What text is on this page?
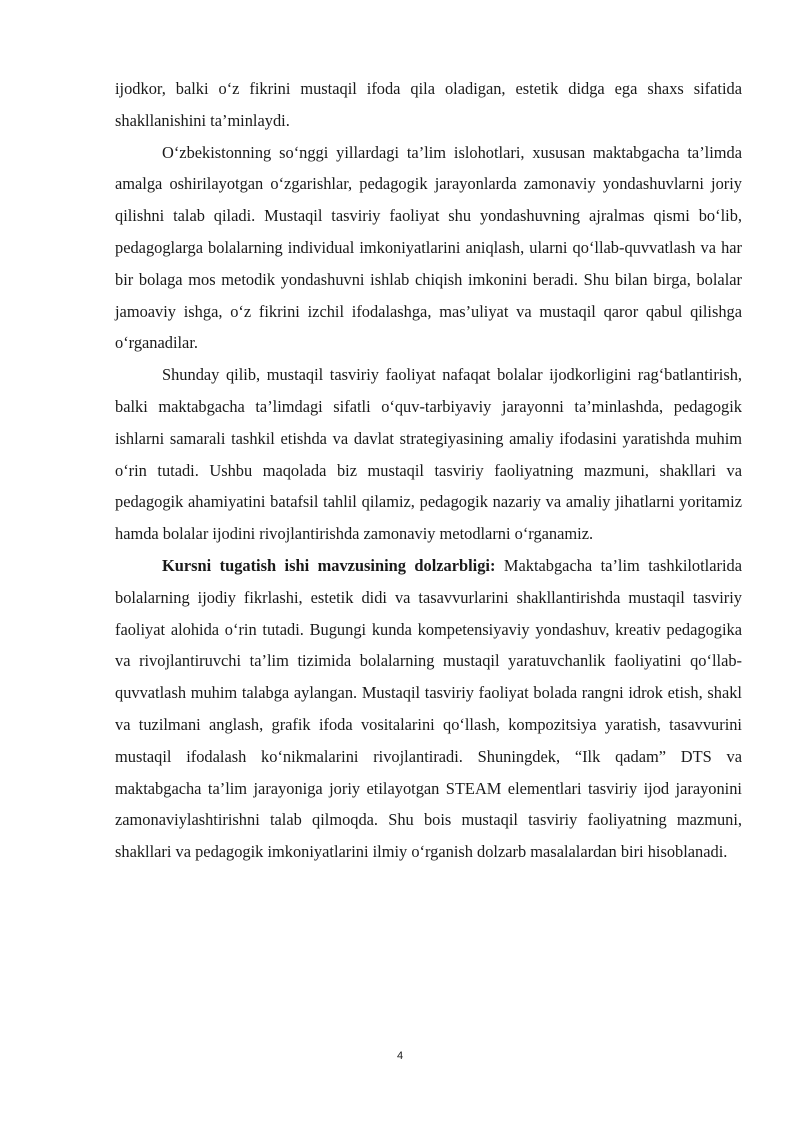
ijodkor, balki o‘z fikrini mustaqil ifoda qila oladigan, estetik didga ega shaxs sifatida shakllanishini ta’minlaydi.

O‘zbekistonning so‘nggi yillardagi ta’lim islohotlari, xususan maktabgacha ta’limda amalga oshirilayotgan o‘zgarishlar, pedagogik jarayonlarda zamonaviy yondashuvlarni joriy qilishni talab qiladi. Mustaqil tasviriy faoliyat shu yondashuvning ajralmas qismi bo‘lib, pedagoglarga bolalarning individual imkoniyatlarini aniqlash, ularni qo‘llab-quvvatlash va har bir bolaga mos metodik yondashuvni ishlab chiqish imkonini beradi. Shu bilan birga, bolalar jamoaviy ishga, o‘z fikrini izchil ifodalashga, mas’uliyat va mustaqil qaror qabul qilishga o‘rganadilar.

Shunday qilib, mustaqil tasviriy faoliyat nafaqat bolalar ijodkorligini rag‘batlantirish, balki maktabgacha ta’limdagi sifatli o‘quv-tarbiyaviy jarayonni ta’minlashda, pedagogik ishlarni samarali tashkil etishda va davlat strategiyasining amaliy ifodasini yaratishda muhim o‘rin tutadi. Ushbu maqolada biz mustaqil tasviriy faoliyatning mazmuni, shakllari va pedagogik ahamiyatini batafsil tahlil qilamiz, pedagogik nazariy va amaliy jihatlarni yoritamiz hamda bolalar ijodini rivojlantirishda zamonaviy metodlarni o‘rganamiz.

Kursni tugatish ishi mavzusining dolzarbligi: Maktabgacha ta’lim tashkilotlarida bolalarning ijodiy fikrlashi, estetik didi va tasavvurlarini shakllantirishda mustaqil tasviriy faoliyat alohida o‘rin tutadi. Bugungi kunda kompetensiyaviy yondashuv, kreativ pedagogika va rivojlantiruvchi ta’lim tizimida bolalarning mustaqil yaratuvchanlik faoliyatini qo‘llab-quvvatlash muhim talabga aylangan. Mustaqil tasviriy faoliyat bolada rangni idrok etish, shakl va tuzilmani anglash, grafik ifoda vositalarini qo‘llash, kompozitsiya yaratish, tasavvurini mustaqil ifodalash ko‘nikmalarini rivojlantiradi. Shuningdek, “Ilk qadam” DTS va maktabgacha ta’lim jarayoniga joriy etilayotgan STEAM elementlari tasviriy ijod jarayonini zamonaviylashtirishni talab qilmoqda. Shu bois mustaqil tasviriy faoliyatning mazmuni, shakllari va pedagogik imkoniyatlarini ilmiy o‘rganish dolzarb masalalardan biri hisoblanadi.

4
